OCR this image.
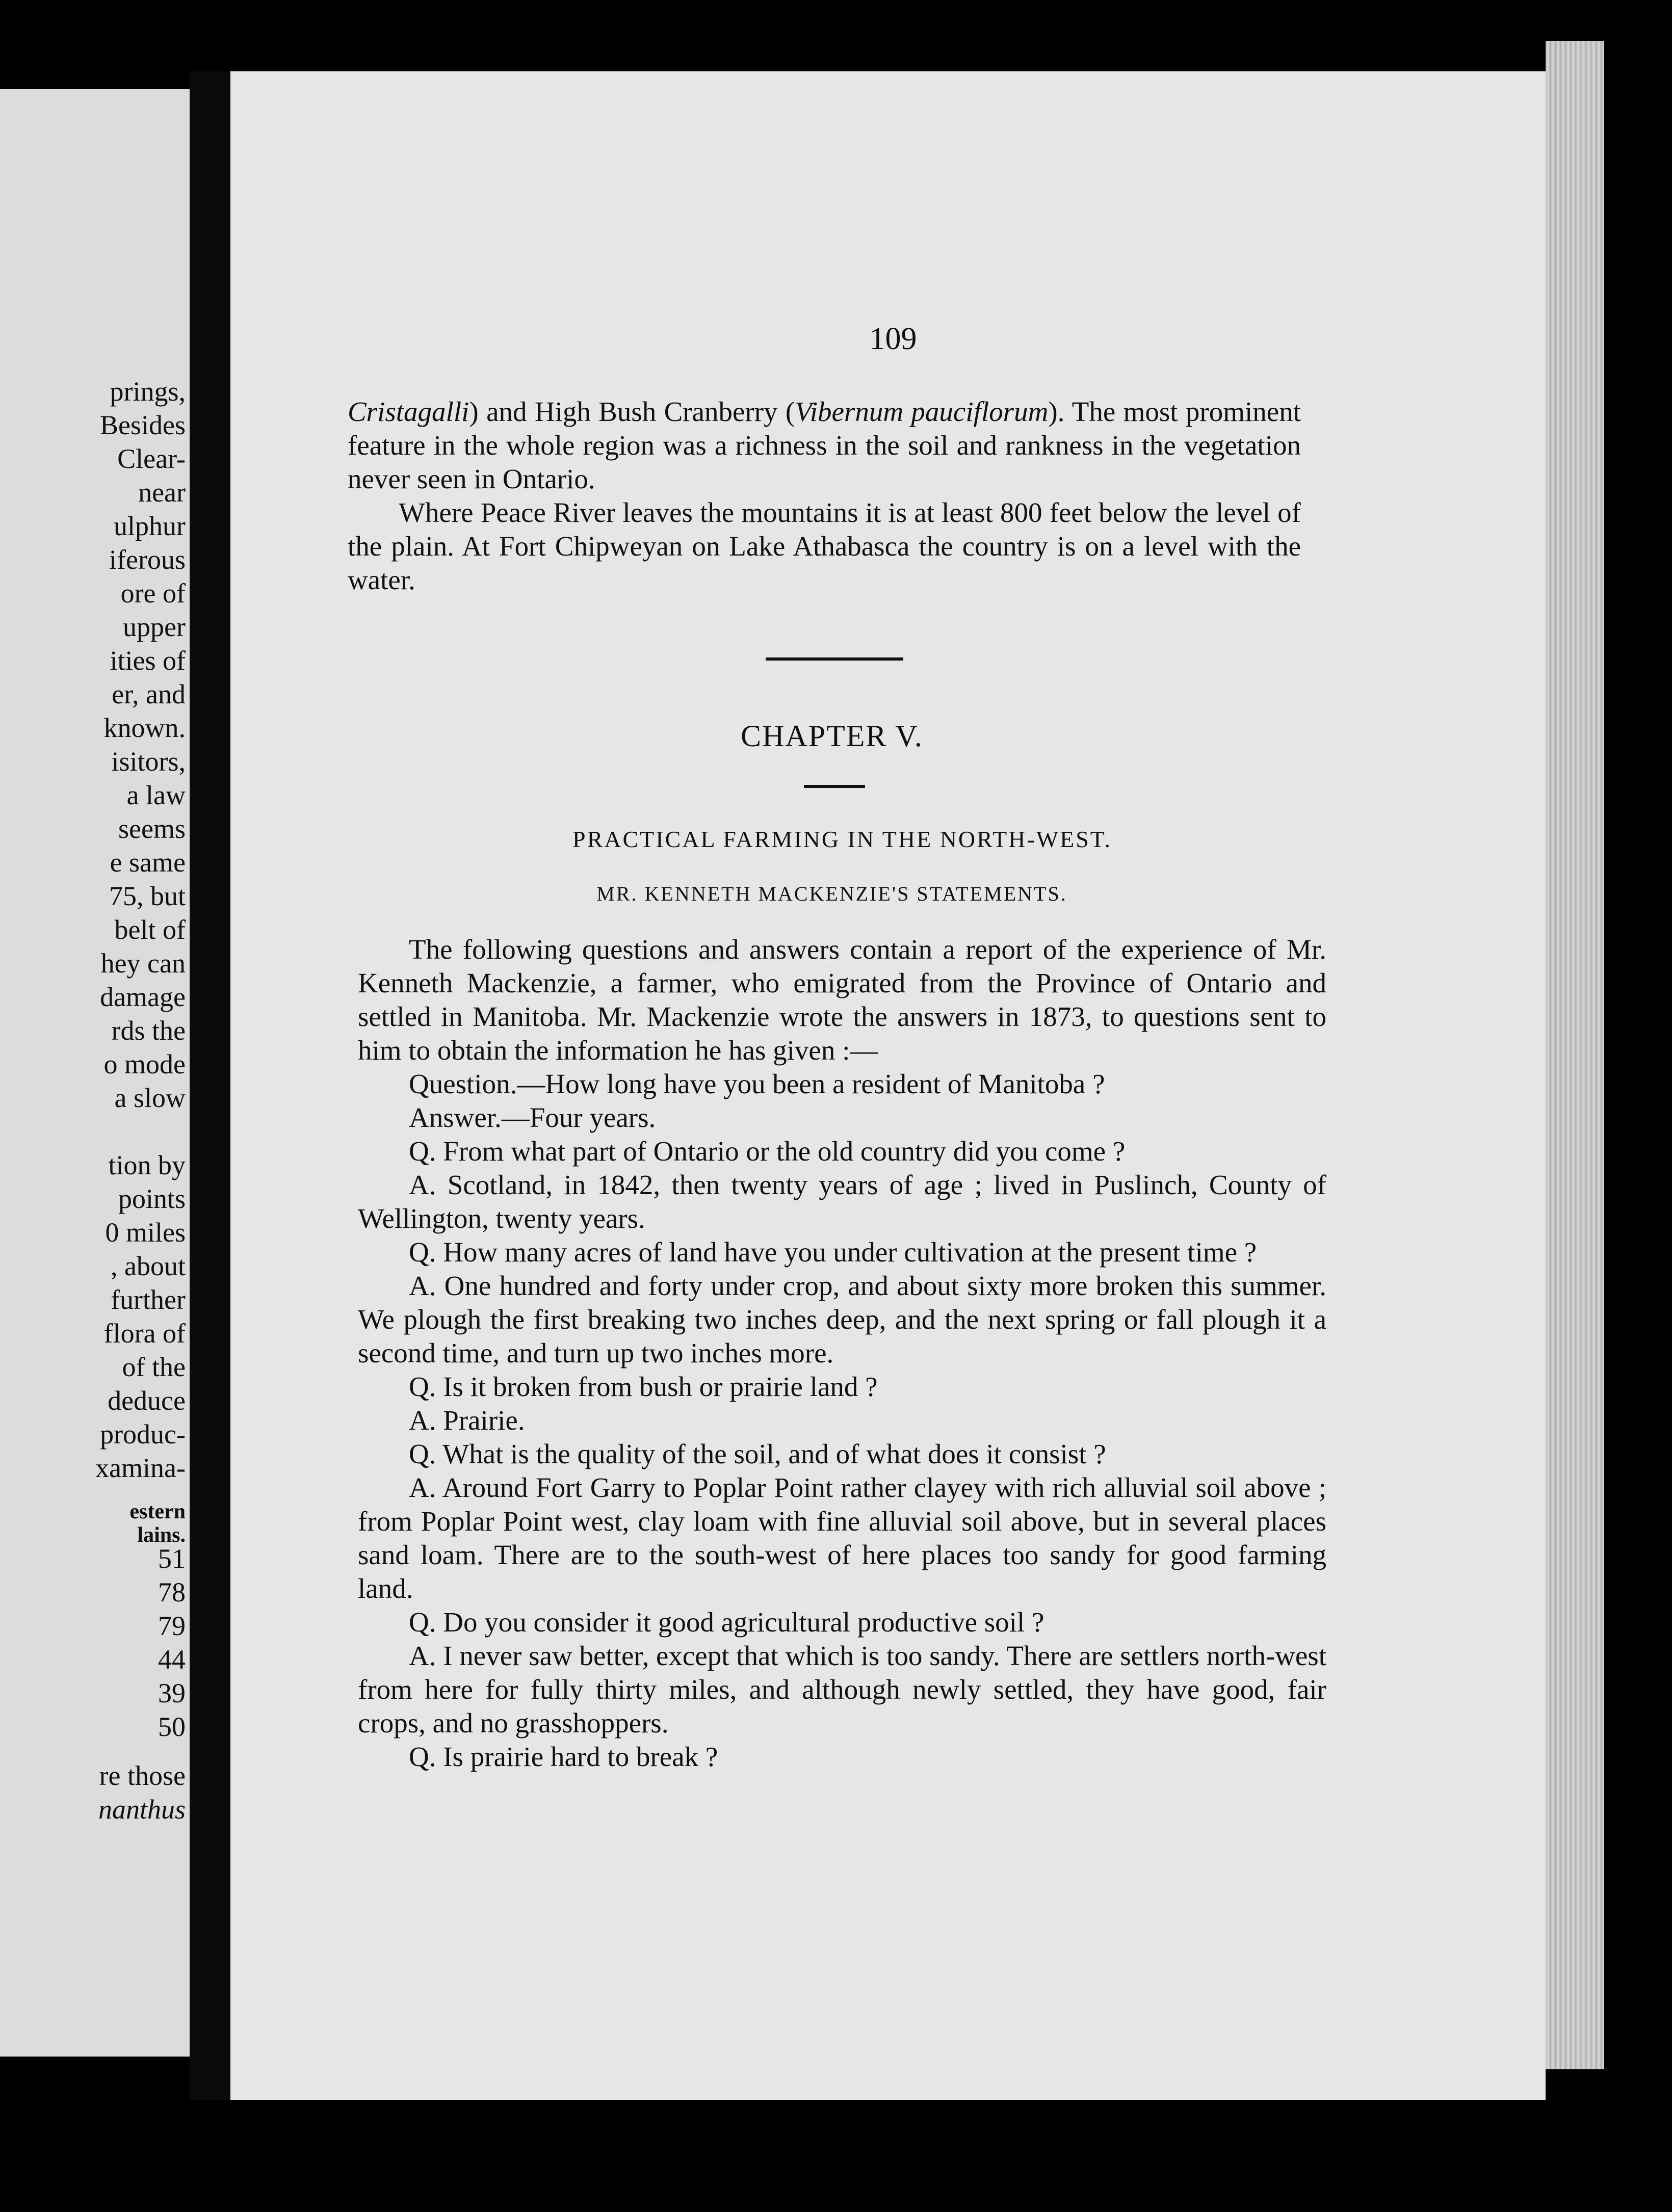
prings,
Besides
Clear-
near
ulphur
iferous
ore of
upper
ities of
er, and
known.
isitors,
a law
seems
e same
75, but
belt of
hey can
damage
rds the
o mode
a slow
tion by
points
0 miles
, about
further
flora of
of the
deduce
produc-
xamina-
estern
lains.
51
78
79
44
39
50
re those
nanthus
109

Cristagalli) and High Bush Cranberry (Vibernum pauciflorum). The most prominent feature in the whole region was a richness in the soil and rankness in the vegetation never seen in Ontario.

Where Peace River leaves the mountains it is at least 800 feet below the level of the plain. At Fort Chipweyan on Lake Athabasca the country is on a level with the water.

CHAPTER V.
PRACTICAL FARMING IN THE NORTH-WEST.
MR. KENNETH MACKENZIE'S STATEMENTS.

The following questions and answers contain a report of the experience of Mr. Kenneth Mackenzie, a farmer, who emigrated from the Province of Ontario and settled in Manitoba. Mr. Mackenzie wrote the answers in 1873, to questions sent to him to obtain the information he has given :—

Question.—How long have you been a resident of Manitoba ?

Answer.—Four years.

Q. From what part of Ontario or the old country did you come ?

A. Scotland, in 1842, then twenty years of age ; lived in Puslinch, County of Wellington, twenty years.

Q. How many acres of land have you under cultivation at the present time ?

A. One hundred and forty under crop, and about sixty more broken this summer. We plough the first breaking two inches deep, and the next spring or fall plough it a second time, and turn up two inches more.

Q. Is it broken from bush or prairie land ?

A. Prairie.

Q. What is the quality of the soil, and of what does it consist ?

A. Around Fort Garry to Poplar Point rather clayey with rich alluvial soil above ; from Poplar Point west, clay loam with fine alluvial soil above, but in several places sand loam. There are to the south-west of here places too sandy for good farming land.

Q. Do you consider it good agricultural productive soil ?

A. I never saw better, except that which is too sandy. There are settlers north-west from here for fully thirty miles, and although newly settled, they have good, fair crops, and no grasshoppers.

Q. Is prairie hard to break ?
